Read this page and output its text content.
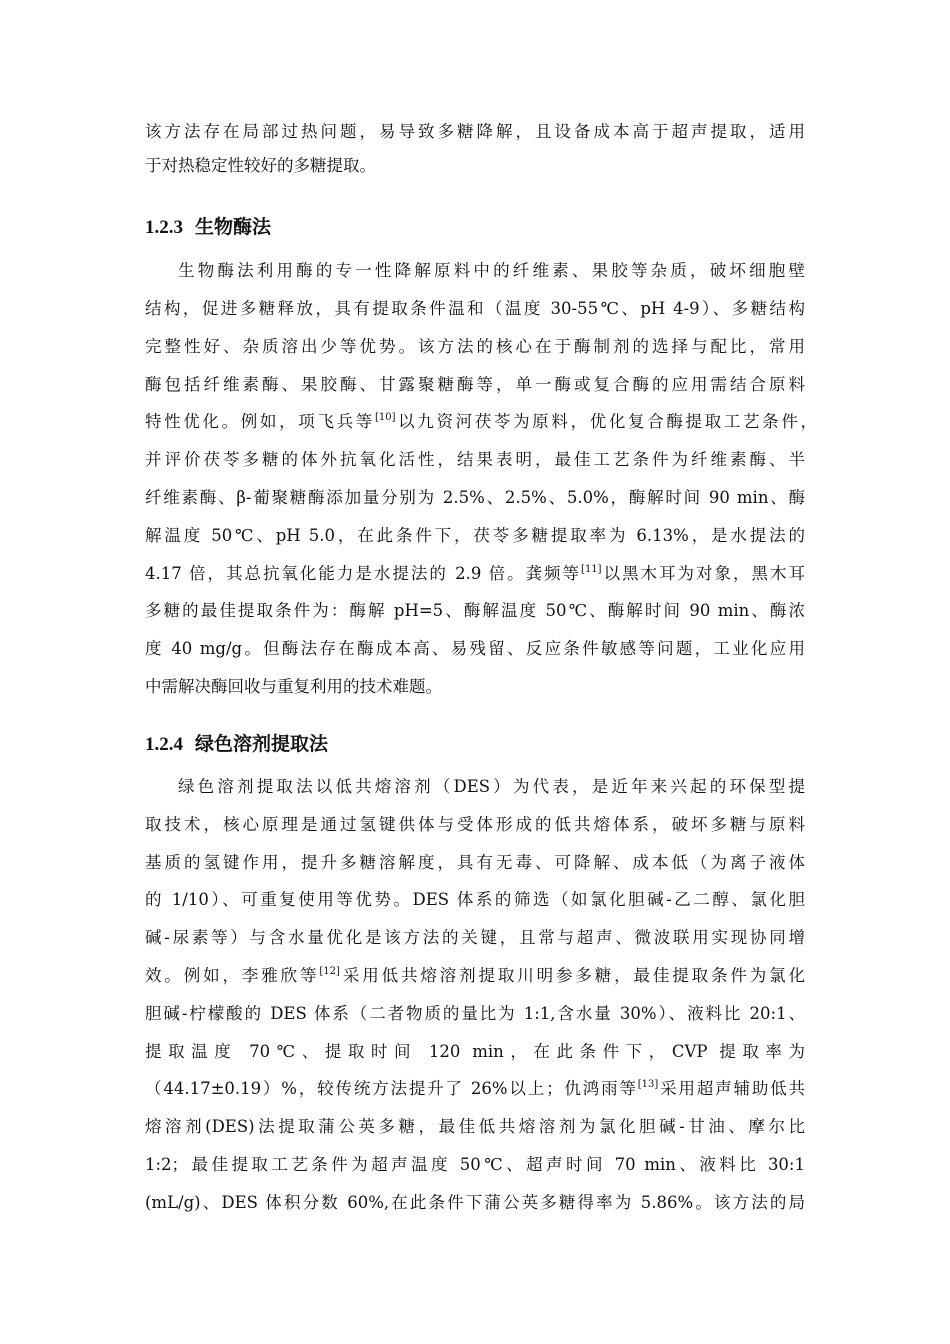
该方法存在局部过热问题，易导致多糖降解，且设备成本高于超声提取，适用
于对热稳定性较好的多糖提取。
1.2.3 生物酶法
生物酶法利用酶的专一性降解原料中的纤维素、果胶等杂质，破坏细胞壁
结构，促进多糖释放，具有提取条件温和（温度 30-55℃、pH 4-9）、多糖结构
完整性好、杂质溶出少等优势。该方法的核心在于酶制剂的选择与配比，常用
酶包括纤维素酶、果胶酶、甘露聚糖酶等，单一酶或复合酶的应用需结合原料
特性优化。例如，项飞兵等[10]以九资河茯苓为原料，优化复合酶提取工艺条件，
并评价茯苓多糖的体外抗氧化活性，结果表明，最佳工艺条件为纤维素酶、半
纤维素酶、β-葡聚糖酶添加量分别为 2.5%、2.5%、5.0%，酶解时间 90 min、酶
解温度 50℃、pH 5.0，在此条件下，茯苓多糖提取率为 6.13%，是水提法的
4.17 倍，其总抗氧化能力是水提法的 2.9 倍。龚频等[11]以黑木耳为对象，黑木耳
多糖的最佳提取条件为：酶解 pH=5、酶解温度 50℃、酶解时间 90 min、酶浓
度 40 mg/g。但酶法存在酶成本高、易残留、反应条件敏感等问题，工业化应用
中需解决酶回收与重复利用的技术难题。
1.2.4 绿色溶剂提取法
绿色溶剂提取法以低共熔溶剂（DES）为代表，是近年来兴起的环保型提
取技术，核心原理是通过氢键供体与受体形成的低共熔体系，破坏多糖与原料
基质的氢键作用，提升多糖溶解度，具有无毒、可降解、成本低（为离子液体
的 1/10）、可重复使用等优势。DES 体系的筛选（如氯化胆碱-乙二醇、氯化胆
碱-尿素等）与含水量优化是该方法的关键，且常与超声、微波联用实现协同增
效。例如，李雅欣等[12]采用低共熔溶剂提取川明参多糖，最佳提取条件为氯化
胆碱-柠檬酸的 DES 体系（二者物质的量比为 1:1,含水量 30%）、液料比 20:1、
提取温度 70℃、提取时间 120 min，在此条件下，CVP 提取率为
（44.17±0.19）%，较传统方法提升了 26%以上；仇鸿雨等[13]采用超声辅助低共
熔溶剂(DES)法提取蒲公英多糖，最佳低共熔溶剂为氯化胆碱-甘油、摩尔比
1:2；最佳提取工艺条件为超声温度 50℃、超声时间 70 min、液料比 30:1
(mL/g)、DES 体积分数 60%,在此条件下蒲公英多糖得率为 5.86%。该方法的局
